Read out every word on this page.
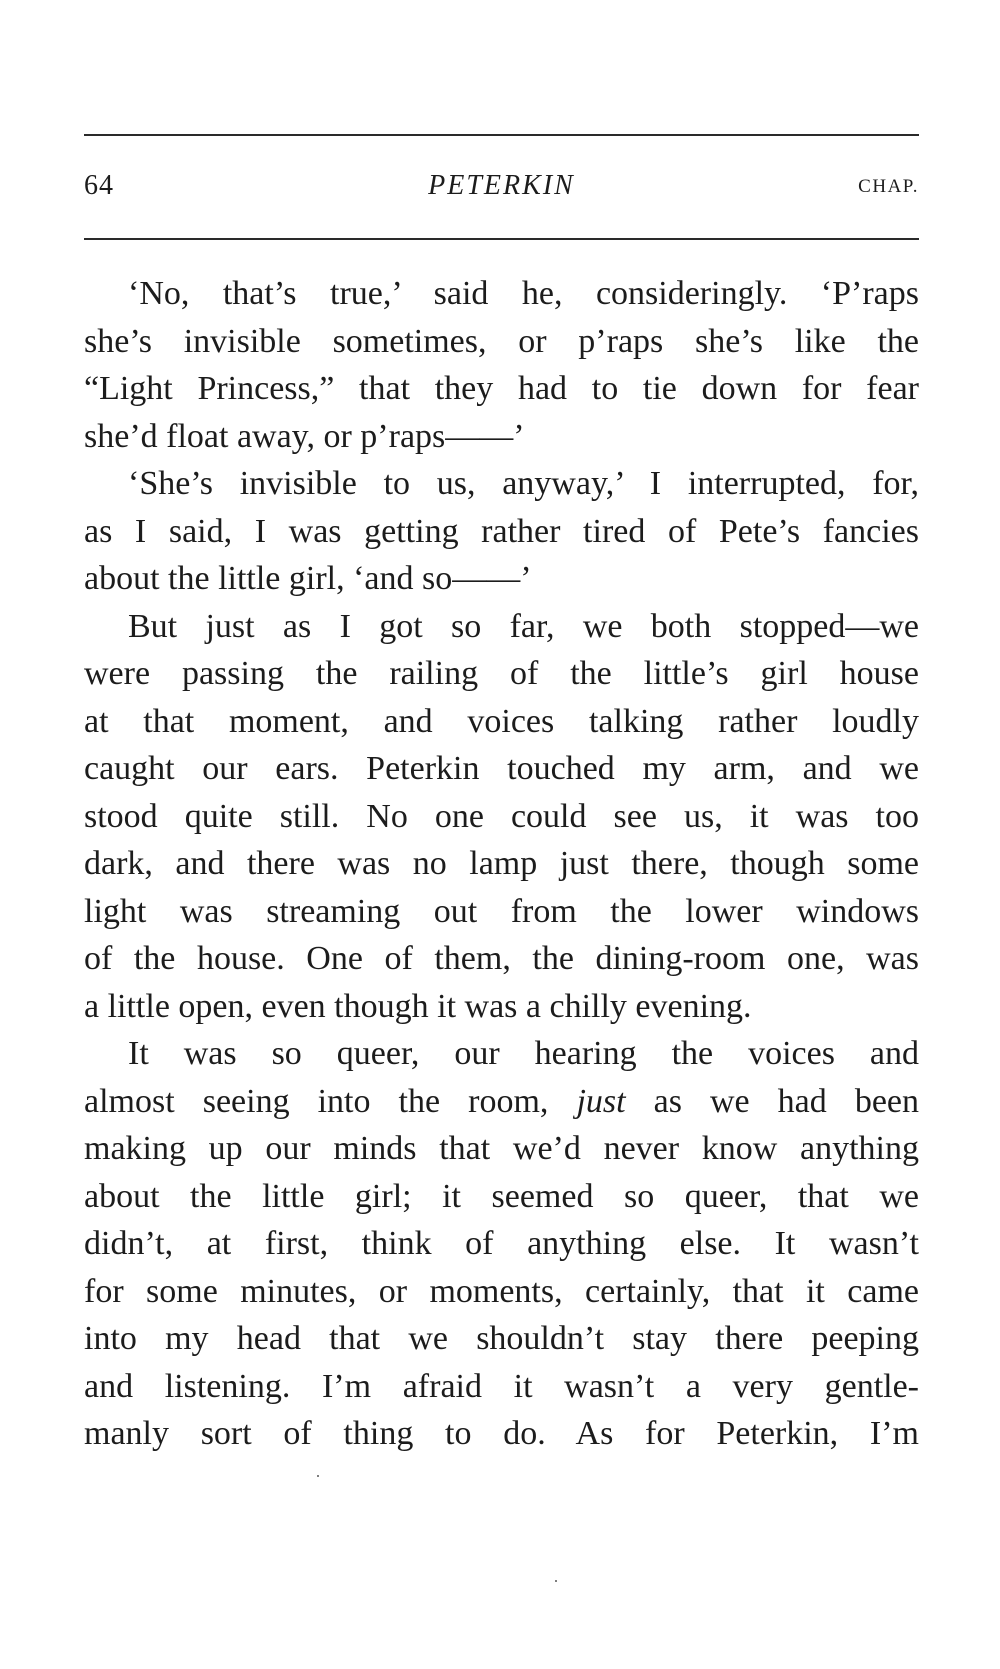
64	PETERKIN	CHAP.
‘No, that’s true,’ said he, consideringly. ‘P’raps
she’s invisible sometimes, or p’raps she’s like the
“Light Princess,” that they had to tie down for fear
she’d float away, or p’raps——’
‘She’s invisible to us, anyway,’ I interrupted, for,
as I said, I was getting rather tired of Pete’s fancies
about the little girl, ‘and so——’
But just as I got so far, we both stopped—we
were passing the railing of the little’s girl house
at that moment, and voices talking rather loudly
caught our ears. Peterkin touched my arm, and we
stood quite still. No one could see us, it was too
dark, and there was no lamp just there, though some
light was streaming out from the lower windows
of the house. One of them, the dining-room one, was
a little open, even though it was a chilly evening.
It was so queer, our hearing the voices and
almost seeing into the room, just as we had been
making up our minds that we’d never know anything
about the little girl; it seemed so queer, that we
didn’t, at first, think of anything else. It wasn’t
for some minutes, or moments, certainly, that it came
into my head that we shouldn’t stay there peeping
and listening. I’m afraid it wasn’t a very gentle-
manly sort of thing to do. As for Peterkin, I’m
